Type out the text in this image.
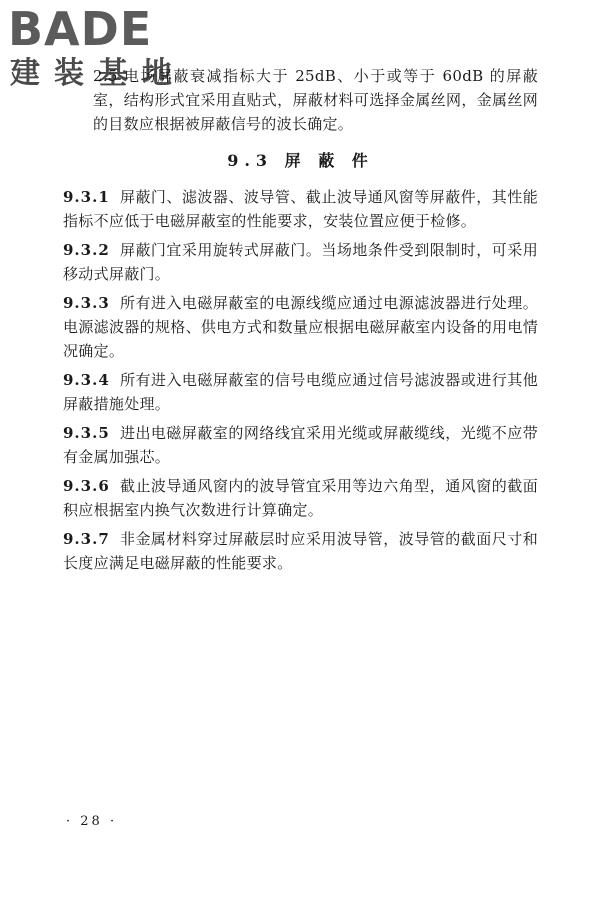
BADE
建装基地

2.5 电场屏蔽衰减指标大于 25dB、小于或等于 60dB 的屏蔽室，结构形式宜采用直贴式，屏蔽材料可选择金属丝网，金属丝网的目数应根据被屏蔽信号的波长确定。

9.3 屏 蔽 件

9.3.1 屏蔽门、滤波器、波导管、截止波导通风窗等屏蔽件，其性能指标不应低于电磁屏蔽室的性能要求，安装位置应便于检修。

9.3.2 屏蔽门宜采用旋转式屏蔽门。当场地条件受到限制时，可采用移动式屏蔽门。

9.3.3 所有进入电磁屏蔽室的电源线缆应通过电源滤波器进行处理。电源滤波器的规格、供电方式和数量应根据电磁屏蔽室内设备的用电情况确定。

9.3.4 所有进入电磁屏蔽室的信号电缆应通过信号滤波器或进行其他屏蔽措施处理。

9.3.5 进出电磁屏蔽室的网络线宜采用光缆或屏蔽缆线，光缆不应带有金属加强芯。

9.3.6 截止波导通风窗内的波导管宜采用等边六角型，通风窗的截面积应根据室内换气次数进行计算确定。

9.3.7 非金属材料穿过屏蔽层时应采用波导管，波导管的截面尺寸和长度应满足电磁屏蔽的性能要求。

· 28 ·
